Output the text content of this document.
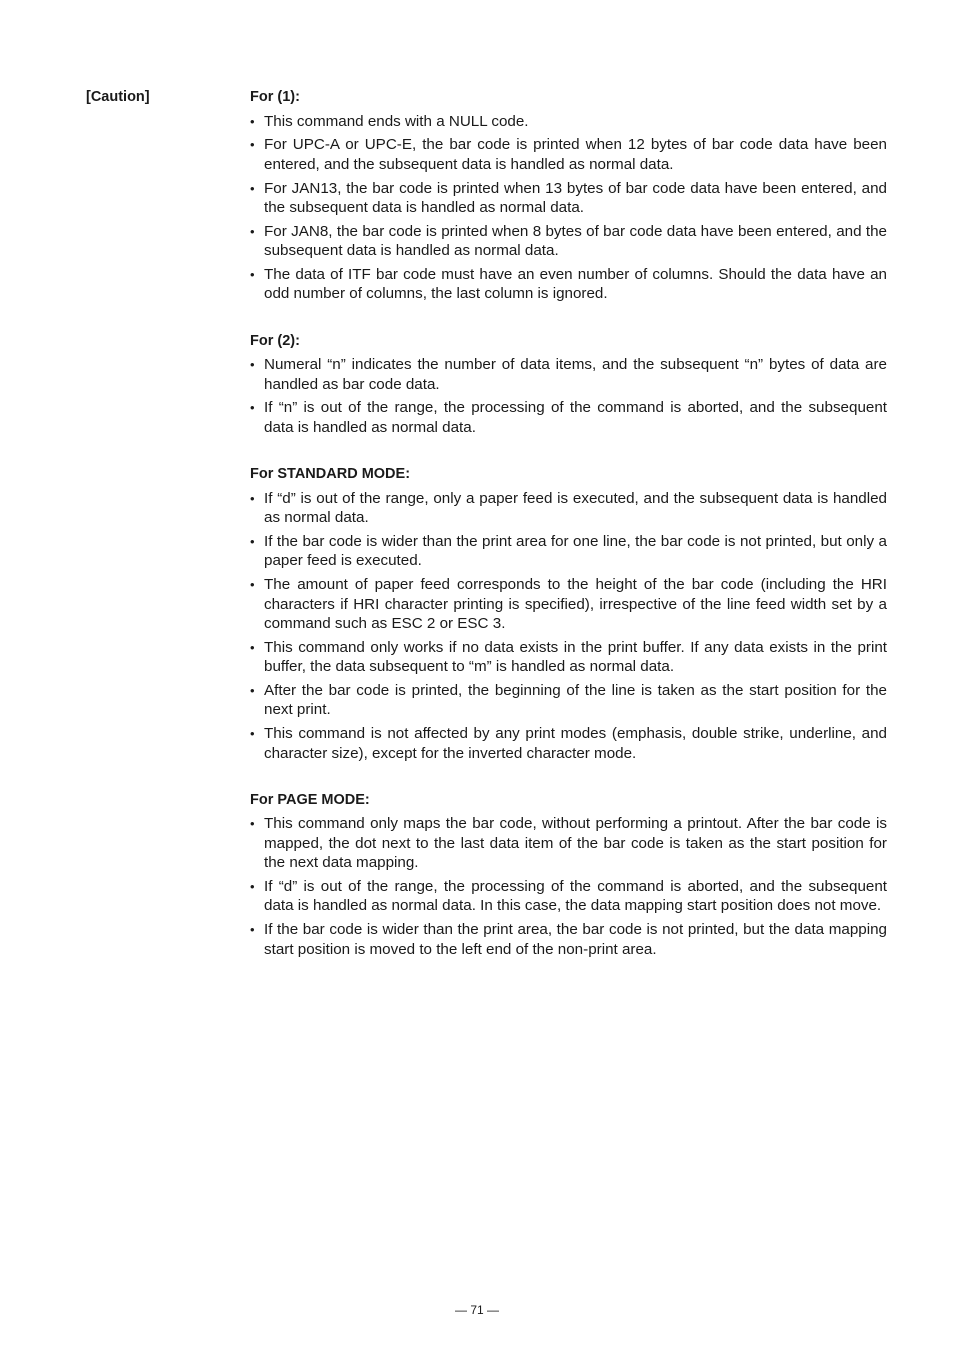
[Caution]	For (1):
• This command ends with a NULL code.
• For UPC-A or UPC-E, the bar code is printed when 12 bytes of bar code data have been entered, and the subsequent data is handled as normal data.
• For JAN13, the bar code is printed when 13 bytes of bar code data have been entered, and the subsequent data is handled as normal data.
• For JAN8, the bar code is printed when 8 bytes of bar code data have been entered, and the subsequent data is handled as normal data.
• The data of ITF bar code must have an even number of columns. Should the data have an odd number of columns, the last column is ignored.
For (2):
• Numeral “n” indicates the number of data items, and the subsequent “n” bytes of data are handled as bar code data.
• If “n” is out of the range, the processing of the command is aborted, and the subsequent data is handled as normal data.
For STANDARD MODE:
• If “d” is out of the range, only a paper feed is executed, and the subsequent data is handled as normal data.
• If the bar code is wider than the print area for one line, the bar code is not printed, but only a paper feed is executed.
• The amount of paper feed corresponds to the height of the bar code (including the HRI characters if HRI character printing is specified), irrespective of the line feed width set by a command such as ESC 2 or ESC 3.
• This command only works if no data exists in the print buffer. If any data exists in the print buffer, the data subsequent to “m” is handled as normal data.
• After the bar code is printed, the beginning of the line is taken as the start position for the next print.
• This command is not affected by any print modes (emphasis, double strike, underline, and character size), except for the inverted character mode.
For PAGE MODE:
• This command only maps the bar code, without performing a printout. After the bar code is mapped, the dot next to the last data item of the bar code is taken as the start position for the next data mapping.
• If “d” is out of the range, the processing of the command is aborted, and the subsequent data is handled as normal data. In this case, the data mapping start position does not move.
• If the bar code is wider than the print area, the bar code is not printed, but the data mapping start position is moved to the left end of the non-print area.
— 71 —
